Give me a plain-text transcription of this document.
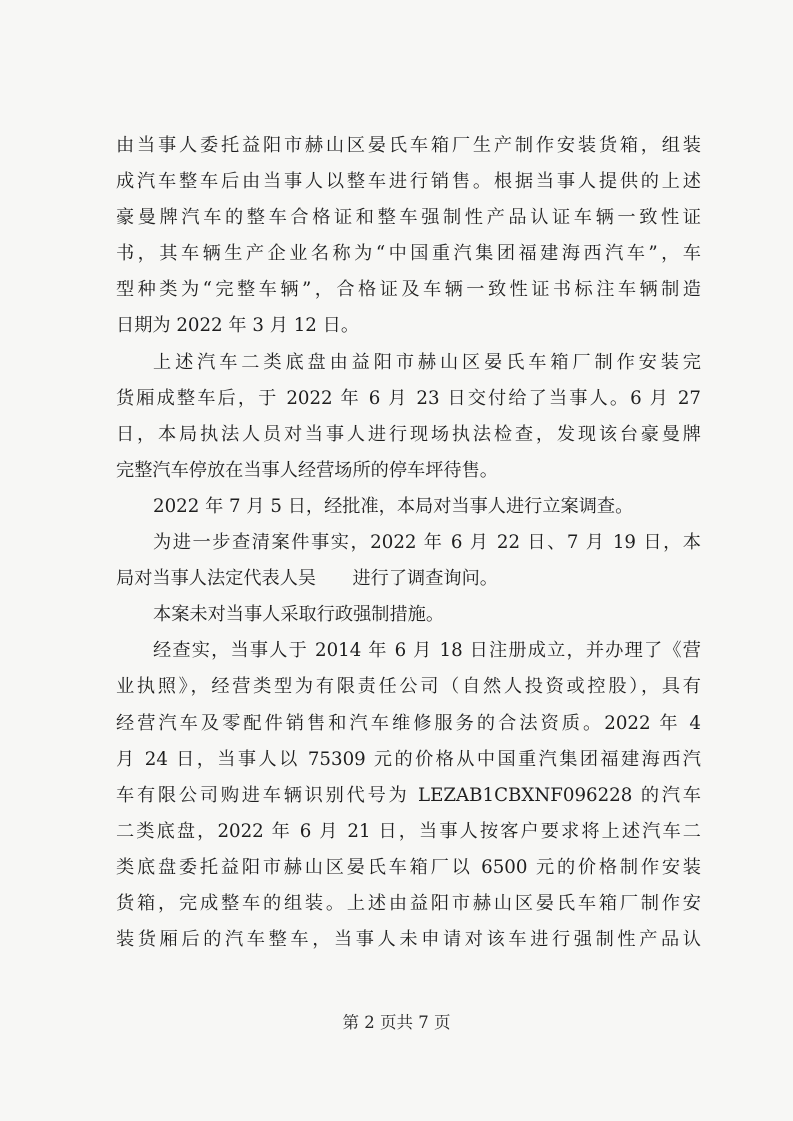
由当事人委托益阳市赫山区晏氏车箱厂生产制作安装货箱，组装
成汽车整车后由当事人以整车进行销售。根据当事人提供的上述
豪曼牌汽车的整车合格证和整车强制性产品认证车辆一致性证
书，其车辆生产企业名称为“中国重汽集团福建海西汽车”，车
型种类为“完整车辆”，合格证及车辆一致性证书标注车辆制造
日期为 2022 年 3 月 12 日。
上述汽车二类底盘由益阳市赫山区晏氏车箱厂制作安装完
货厢成整车后，于 2022 年 6 月 23 日交付给了当事人。6 月 27
日，本局执法人员对当事人进行现场执法检查，发现该台豪曼牌
完整汽车停放在当事人经营场所的停车坪待售。
2022 年 7 月 5 日，经批准，本局对当事人进行立案调查。
为进一步查清案件事实，2022 年 6 月 22 日、7 月 19 日，本
局对当事人法定代表人吴　　进行了调查询问。
本案未对当事人采取行政强制措施。
经查实，当事人于 2014 年 6 月 18 日注册成立，并办理了《营
业执照》，经营类型为有限责任公司（自然人投资或控股），具有
经营汽车及零配件销售和汽车维修服务的合法资质。2022 年 4
月 24 日，当事人以 75309 元的价格从中国重汽集团福建海西汽
车有限公司购进车辆识别代号为 LEZAB1CBXNF096228 的汽车
二类底盘，2022 年 6 月 21 日，当事人按客户要求将上述汽车二
类底盘委托益阳市赫山区晏氏车箱厂以 6500 元的价格制作安装
货箱，完成整车的组装。上述由益阳市赫山区晏氏车箱厂制作安
装货厢后的汽车整车，当事人未申请对该车进行强制性产品认
第 2 页共 7 页
